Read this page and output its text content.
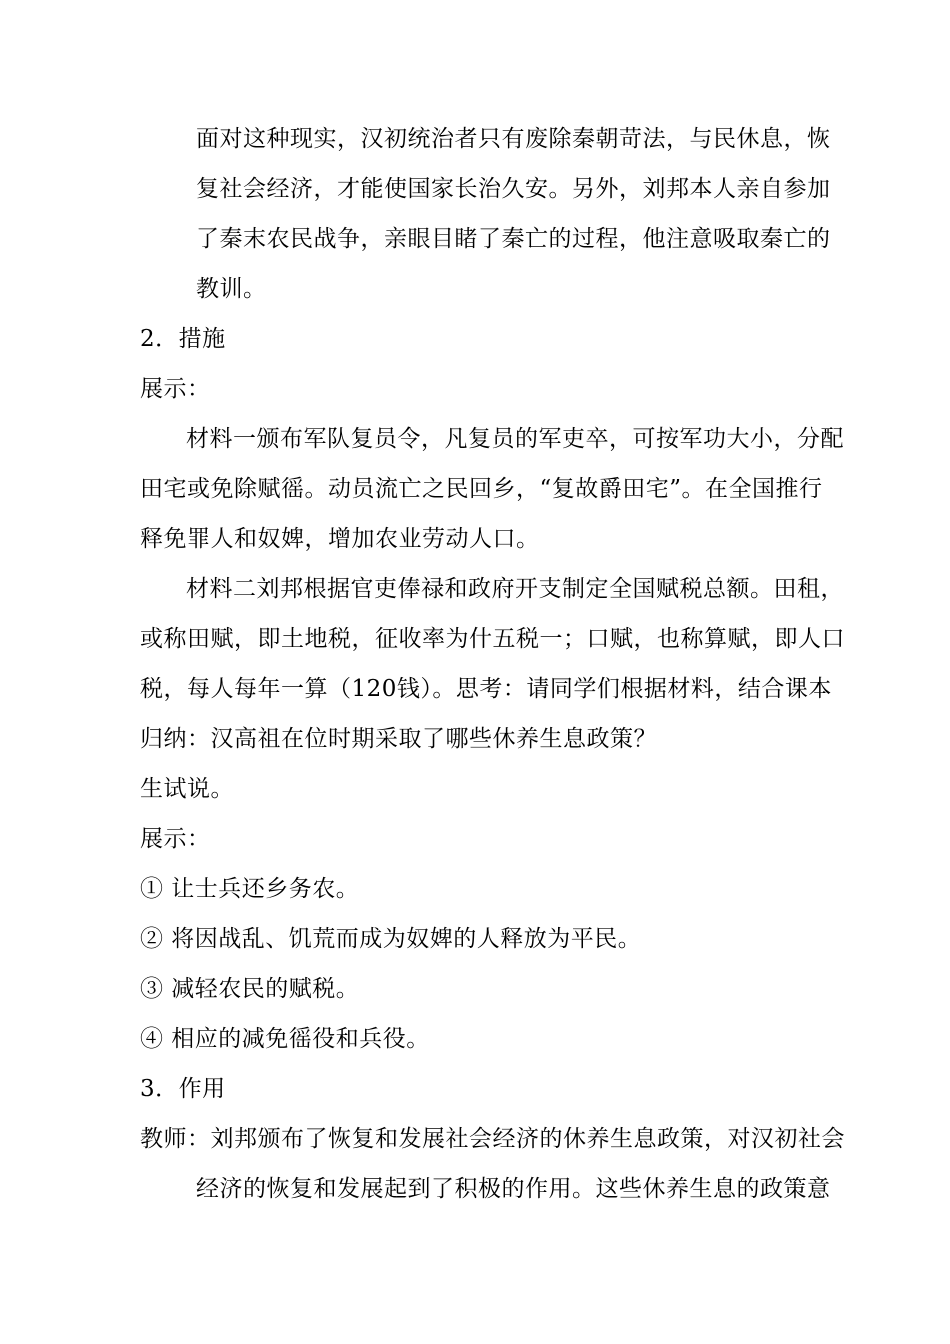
面对这种现实，汉初统治者只有废除秦朝苛法，与民休息，恢
复社会经济，才能使国家长治久安。另外，刘邦本人亲自参加
了秦末农民战争，亲眼目睹了秦亡的过程，他注意吸取秦亡的
教训。
2．措施
展示：
材料一颁布军队复员令，凡复员的军吏卒，可按军功大小，分配
田宅或免除赋徭。动员流亡之民回乡，“复故爵田宅”。在全国推行
释免罪人和奴婢，增加农业劳动人口。
材料二刘邦根据官吏俸禄和政府开支制定全国赋税总额。田租，
或称田赋，即土地税，征收率为什五税一；口赋，也称算赋，即人口
税，每人每年一算（120钱）。思考：请同学们根据材料，结合课本
归纳：汉高祖在位时期采取了哪些休养生息政策？
生试说。
展示：
① 让士兵还乡务农。
② 将因战乱、饥荒而成为奴婢的人释放为平民。
③ 减轻农民的赋税。
④ 相应的减免徭役和兵役。
3．作用
教师：刘邦颁布了恢复和发展社会经济的休养生息政策，对汉初社会
经济的恢复和发展起到了积极的作用。这些休养生息的政策意
